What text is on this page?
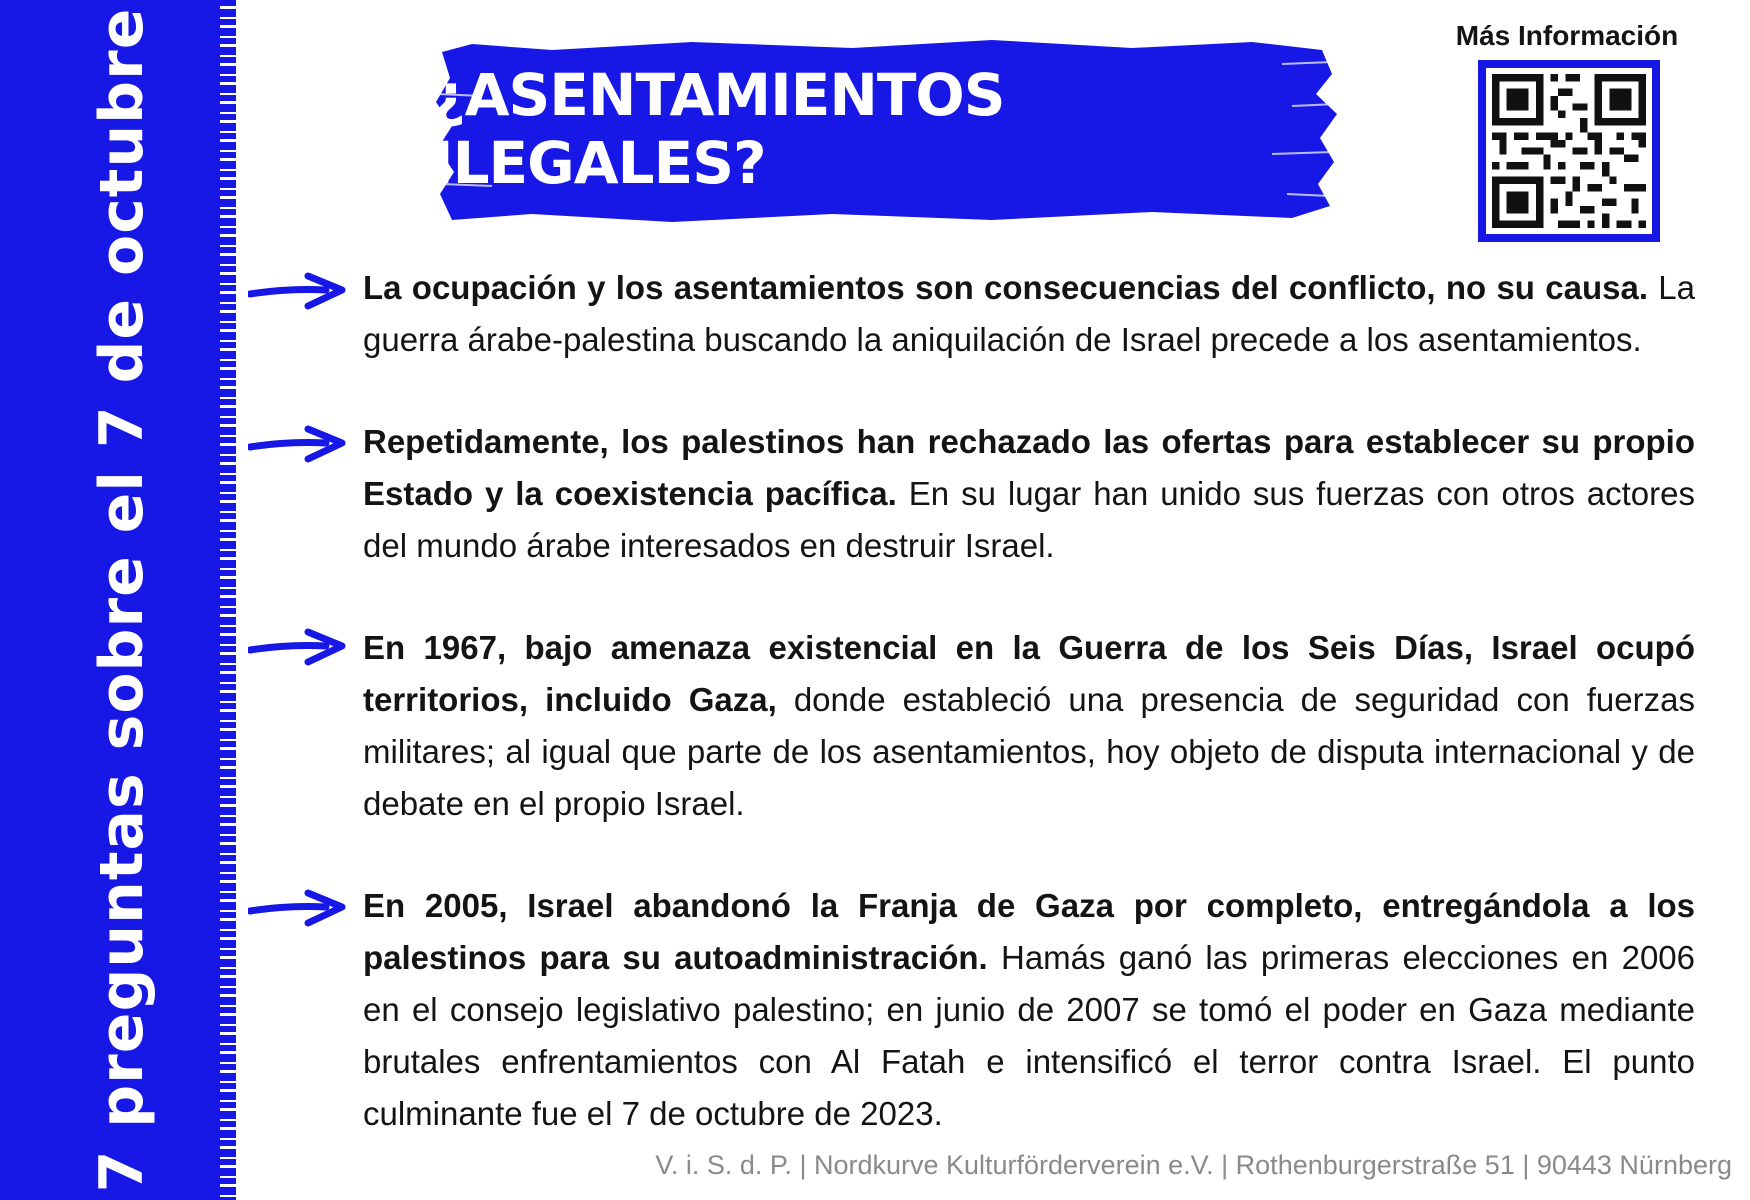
7 preguntas sobre el 7 de octubre	¿ASENTAMIENTOS ILEGALES?
Más Información
La ocupación y los asentamientos son consecuencias del conflicto, no su causa. La guerra árabe-palestina buscando la aniquilación de Israel precede a los asentamientos.
Repetidamente, los palestinos han rechazado las ofertas para establecer su propio Estado y la coexistencia pacífica. En su lugar han unido sus fuerzas con otros actores del mundo árabe interesados en destruir Israel.
En 1967, bajo amenaza existencial en la Guerra de los Seis Días, Israel ocupó territorios, incluido Gaza, donde estableció una presencia de seguridad con fuerzas militares; al igual que parte de los asentamientos, hoy objeto de disputa internacional y de debate en el propio Israel.
En 2005, Israel abandonó la Franja de Gaza por completo, entregándola a los palestinos para su autoadministración. Hamás ganó las primeras elecciones en 2006 en el consejo legislativo palestino; en junio de 2007 se tomó el poder en Gaza mediante brutales enfrentamientos con Al Fatah e intensificó el terror contra Israel. El punto culminante fue el 7 de octubre de 2023.
V. i. S. d. P. | Nordkurve Kulturförderverein e.V. | Rothenburgerstraße 51 | 90443 Nürnberg
